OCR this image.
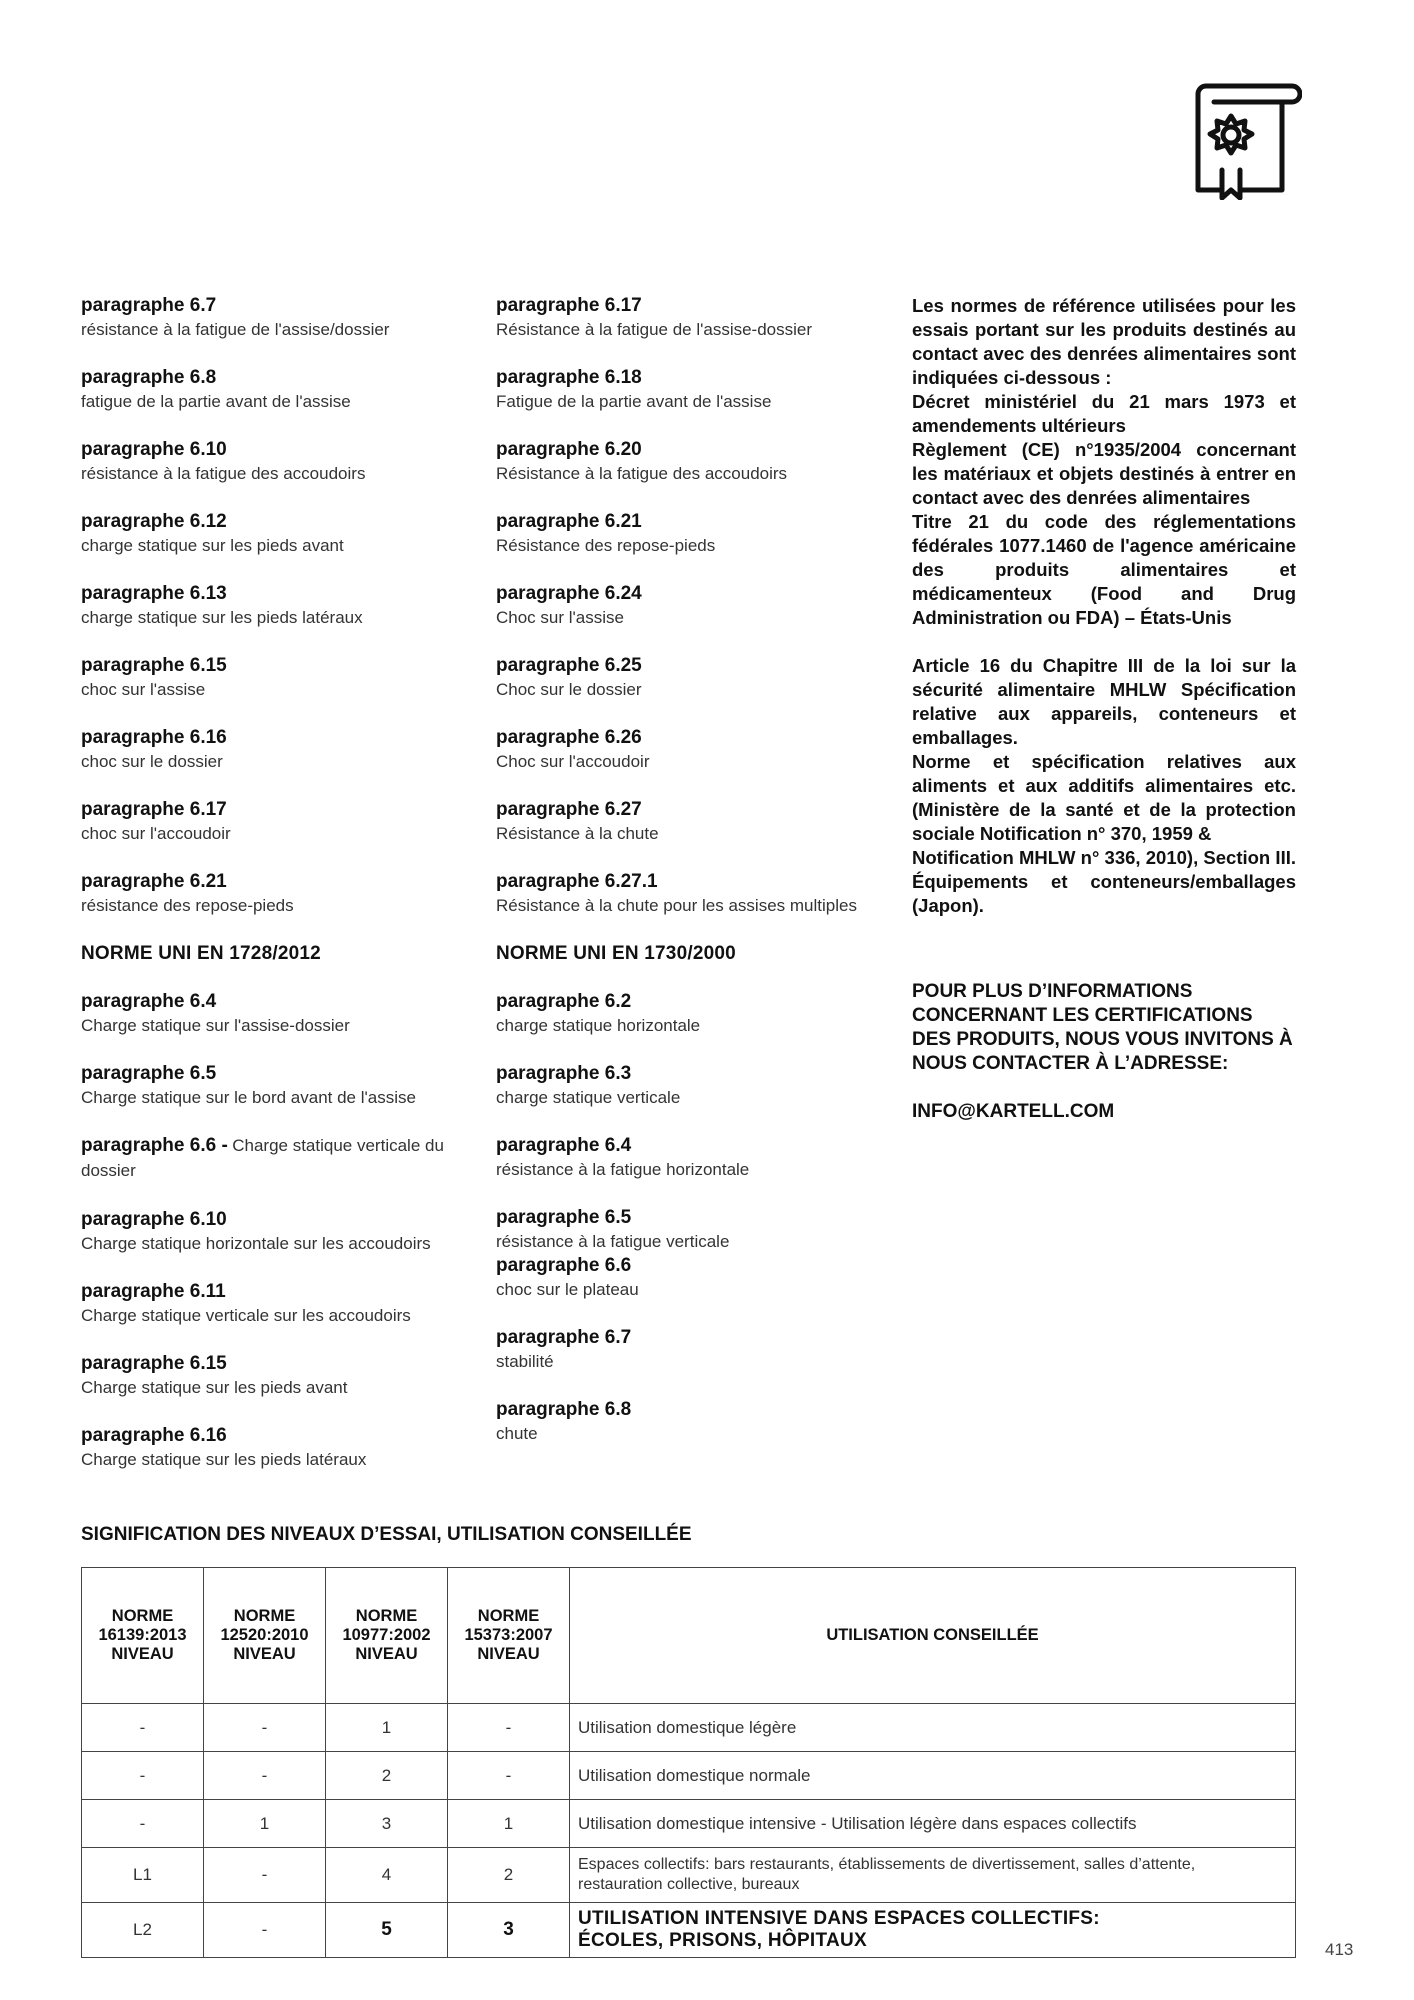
paragraphe 6.7
résistance à la fatigue de l'assise/dossier
paragraphe 6.8
fatigue de la partie avant de l'assise
paragraphe 6.10
résistance à la fatigue des accoudoirs
paragraphe 6.12
charge statique sur les pieds avant
paragraphe 6.13
charge statique sur les pieds latéraux
paragraphe 6.15
choc sur l'assise
paragraphe 6.16
choc sur le dossier
paragraphe 6.17
choc sur l'accoudoir
paragraphe 6.21
résistance des repose-pieds
NORME UNI EN 1728/2012
paragraphe 6.4
Charge statique sur l'assise-dossier
paragraphe 6.5
Charge statique sur le bord avant de l'assise
paragraphe 6.6 - Charge statique verticale du dossier
paragraphe 6.10
Charge statique horizontale sur les accoudoirs
paragraphe 6.11
Charge statique verticale sur les accoudoirs
paragraphe 6.15
Charge statique sur les pieds avant
paragraphe 6.16
Charge statique sur les pieds latéraux
paragraphe 6.17
Résistance à la fatigue de l'assise-dossier
paragraphe 6.18
Fatigue de la partie avant de l'assise
paragraphe 6.20
Résistance à la fatigue des accoudoirs
paragraphe 6.21
Résistance des repose-pieds
paragraphe 6.24
Choc sur l'assise
paragraphe 6.25
Choc sur le dossier
paragraphe 6.26
Choc sur l'accoudoir
paragraphe 6.27
Résistance à la chute
paragraphe 6.27.1
Résistance à la chute pour les assises multiples
NORME UNI EN 1730/2000
paragraphe 6.2
charge statique horizontale
paragraphe 6.3
charge statique verticale
paragraphe 6.4
résistance à la fatigue horizontale
paragraphe 6.5
résistance à la fatigue verticale
paragraphe 6.6
choc sur le plateau
paragraphe 6.7
stabilité
paragraphe 6.8
chute

Les normes de référence utilisées pour les essais portant sur les produits destinés au contact avec des denrées alimentaires sont indiquées ci-dessous :

Décret ministériel du 21 mars 1973 et amendements ultérieurs

Règlement (CE) n°1935/2004 concernant les matériaux et objets destinés à entrer en contact avec des denrées alimentaires

Titre 21 du code des réglementations fédérales 1077.1460 de l'agence américaine des produits alimentaires et médicamenteux (Food and Drug Administration ou FDA) – États-Unis

Article 16 du Chapitre III de la loi sur la sécurité alimentaire MHLW Spécification relative aux appareils, conteneurs et emballages.

Norme et spécification relatives aux aliments et aux additifs alimentaires etc. (Ministère de la santé et de la protection sociale Notification n° 370, 1959 &

Notification MHLW n° 336, 2010), Section III. Équipements et conteneurs/emballages (Japon).

POUR PLUS D’INFORMATIONS CONCERNANT LES CERTIFICATIONS DES PRODUITS, NOUS VOUS INVITONS À NOUS CONTACTER À L’ADRESSE:
INFO@KARTELL.COM
SIGNIFICATION DES NIVEAUX D’ESSAI, UTILISATION CONSEILLÉE
NORME
16139:2013
NIVEAU	NORME
12520:2010
NIVEAU	NORME
10977:2002
NIVEAU	NORME
15373:2007
NIVEAU	UTILISATION CONSEILLÉE
-	-	1	-	Utilisation domestique légère
-	-	2	-	Utilisation domestique normale
-	1	3	1	Utilisation domestique intensive - Utilisation légère dans espaces collectifs
L1	-	4	2	Espaces collectifs: bars restaurants, établissements de divertissement, salles d’attente,
restauration collective, bureaux
L2	-	5	3	UTILISATION INTENSIVE DANS ESPACES COLLECTIFS:
ÉCOLES, PRISONS, HÔPITAUX	413
